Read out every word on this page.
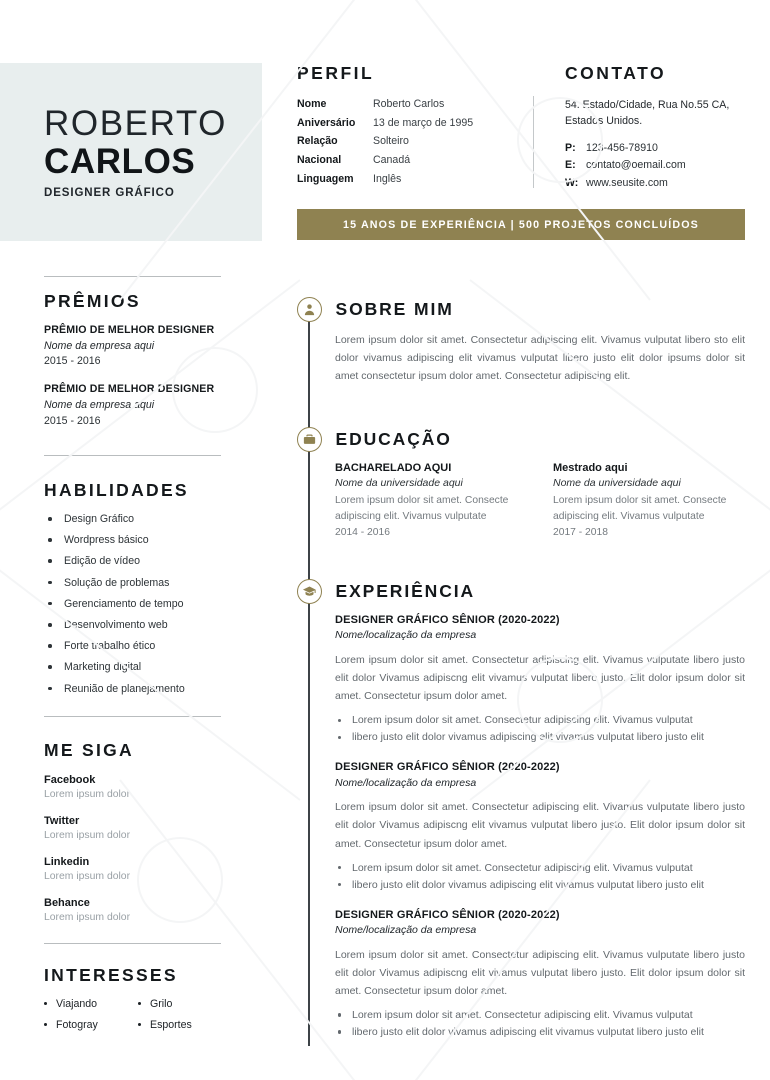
ROBERTO
CARLOS
DESIGNER GRÁFICO
PRÊMIOS
PRÊMIO DE MELHOR DESIGNER
Nome da empresa aqui
2015 - 2016
PRÊMIO DE MELHOR DESIGNER
Nome da empresa aqui
2015 - 2016
HABILIDADES
Design Gráfico
Wordpress básico
Edição de vídeo
Solução de problemas
Gerenciamento de tempo
Desenvolvimento web
Forte trabalho ético
Marketing digital
Reunião de planejamento
ME SIGA
Facebook
Lorem ipsum dolor
Twitter
Lorem ipsum dolor
Linkedin
Lorem ipsum dolor
Behance
Lorem ipsum dolor
INTERESSES
Viajando	Grilo
Fotogray	Esportes
PERFIL
Nome	Roberto Carlos
Aniversário	13 de março de 1995
Relação	Solteiro
Nacional	Canadá
Linguagem	Inglês
CONTATO
54. Estado/Cidade, Rua No.55 CA, Estados Unidos.
P: 123-456-78910
E: contato@oemail.com
W: www.seusite.com
15 ANOS DE EXPERIÊNCIA | 500 PROJETOS CONCLUÍDOS
SOBRE MIM
Lorem ipsum dolor sit amet. Consectetur adipiscing elit. Vivamus vulputat libero sto elit dolor vivamus adipiscing elit vivamus vulputat libero justo elit dolor ipsums dolor sit amet consectetur ipsum dolor amet. Consectetur adipiscing elit.
EDUCAÇÃO
BACHARELADO AQUI
Nome da universidade aqui
Lorem ipsum dolor sit amet. Consecte adipiscing elit. Vivamus vulputate
2014 - 2016
Mestrado aqui
Nome da universidade aqui
Lorem ipsum dolor sit amet. Consecte adipiscing elit. Vivamus vulputate
2017 - 2018
EXPERIÊNCIA
DESIGNER GRÁFICO SÊNIOR (2020-2022)
Nome/localização da empresa
Lorem ipsum dolor sit amet. Consectetur adipiscing elit. Vivamus vulputate libero justo elit dolor Vivamus adipiscng elit vivamus vulputat libero justo. Elit dolor ipsum dolor sit amet. Consectetur ipsum dolor amet.
Lorem ipsum dolor sit amet. Consectetur adipiscing elit. Vivamus vulputat
libero justo elit dolor vivamus adipiscing elit vivamus vulputat libero justo elit
DESIGNER GRÁFICO SÊNIOR (2020-2022)
Nome/localização da empresa
Lorem ipsum dolor sit amet. Consectetur adipiscing elit. Vivamus vulputate libero justo elit dolor Vivamus adipiscng elit vivamus vulputat libero justo. Elit dolor ipsum dolor sit amet. Consectetur ipsum dolor amet.
Lorem ipsum dolor sit amet. Consectetur adipiscing elit. Vivamus vulputat
libero justo elit dolor vivamus adipiscing elit vivamus vulputat libero justo elit
DESIGNER GRÁFICO SÊNIOR (2020-2022)
Nome/localização da empresa
Lorem ipsum dolor sit amet. Consectetur adipiscing elit. Vivamus vulputate libero justo elit dolor Vivamus adipiscng elit vivamus vulputat libero justo. Elit dolor ipsum dolor sit amet. Consectetur ipsum dolor amet.
Lorem ipsum dolor sit amet. Consectetur adipiscing elit. Vivamus vulputat
libero justo elit dolor vivamus adipiscing elit vivamus vulputat libero justo elit
